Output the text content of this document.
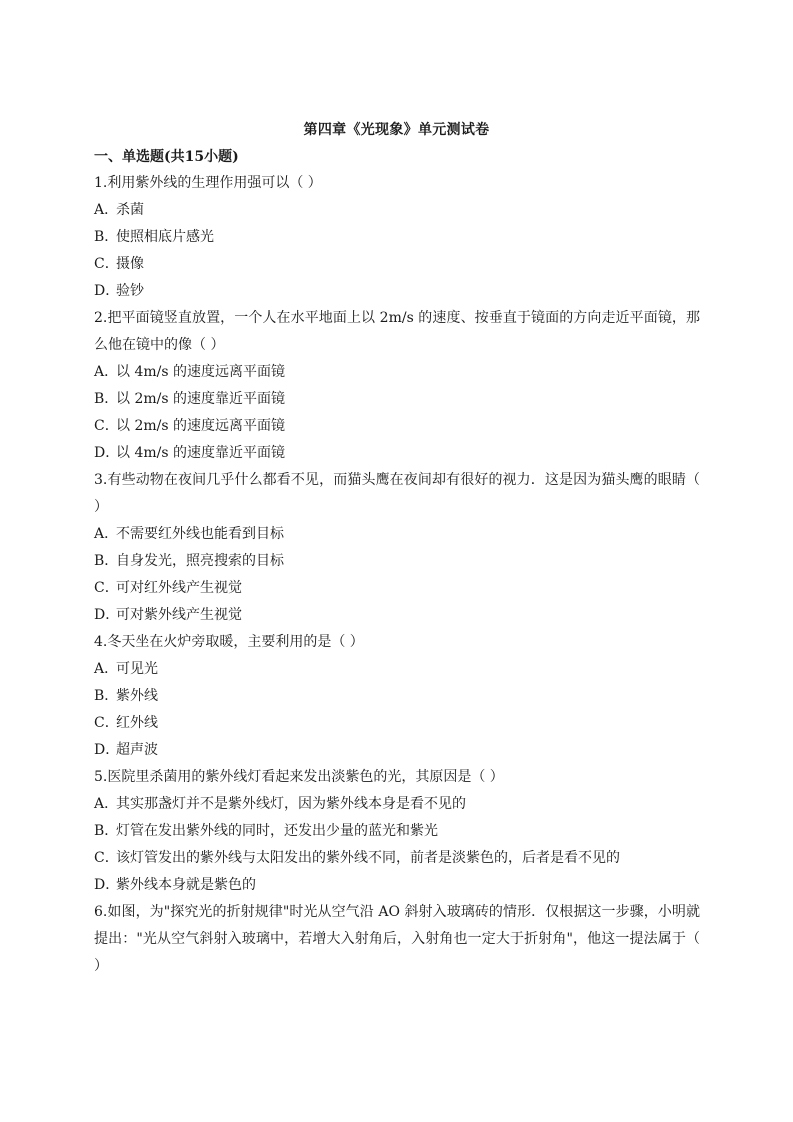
第四章《光现象》单元测试卷
一、单选题(共15小题)

1.利用紫外线的生理作用强可以（ ）

A．杀菌

B．使照相底片感光

C．摄像

D．验钞

2.把平面镜竖直放置，一个人在水平地面上以 2m/s 的速度、按垂直于镜面的方向走近平面镜，那么他在镜中的像（ ）

A．以 4m/s 的速度远离平面镜

B．以 2m/s 的速度靠近平面镜

C．以 2m/s 的速度远离平面镜

D．以 4m/s 的速度靠近平面镜

3.有些动物在夜间几乎什么都看不见，而猫头鹰在夜间却有很好的视力．这是因为猫头鹰的眼睛（ ）

A．不需要红外线也能看到目标

B．自身发光，照亮搜索的目标

C．可对红外线产生视觉

D．可对紫外线产生视觉

4.冬天坐在火炉旁取暖，主要利用的是（ ）

A．可见光

B．紫外线

C．红外线

D．超声波

5.医院里杀菌用的紫外线灯看起来发出淡紫色的光，其原因是（ ）

A．其实那盏灯并不是紫外线灯，因为紫外线本身是看不见的

B．灯管在发出紫外线的同时，还发出少量的蓝光和紫光

C．该灯管发出的紫外线与太阳发出的紫外线不同，前者是淡紫色的，后者是看不见的

D．紫外线本身就是紫色的

6.如图，为"探究光的折射规律"时光从空气沿 AO 斜射入玻璃砖的情形．仅根据这一步骤，小明就提出："光从空气斜射入玻璃中，若增大入射角后，入射角也一定大于折射角"，他这一提法属于（ ）
